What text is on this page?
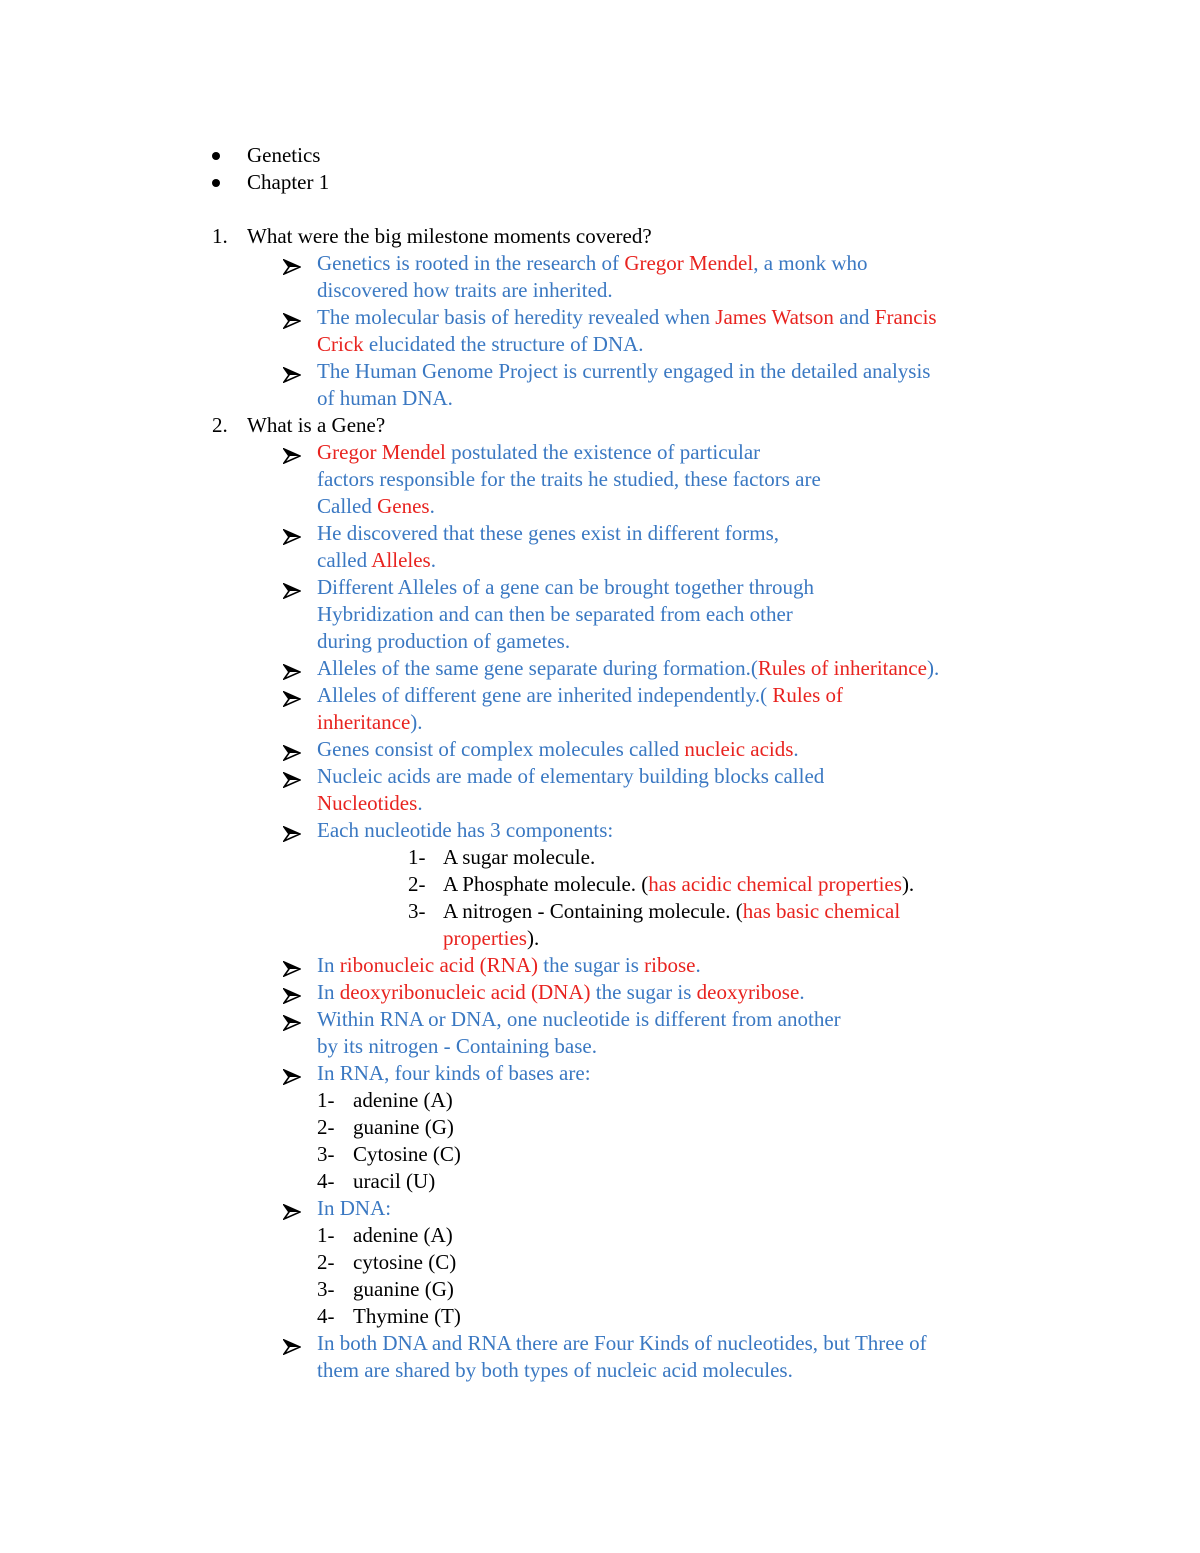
Genetics
Chapter 1
1. What were the big milestone moments covered?
2. What is a Gene?
Genetics is rooted in the research of Gregor Mendel, a monk who
discovered how traits are inherited.
The molecular basis of heredity revealed when James Watson and Francis
Crick elucidated the structure of DNA.
The Human Genome Project is currently engaged in the detailed analysis
of human DNA.
Gregor Mendel postulated the existence of particular
factors responsible for the traits he studied, these factors are
Called Genes.
He discovered that these genes exist in different forms,
called Alleles.
Different Alleles of a gene can be brought together through
Hybridization and can then be separated from each other
during production of gametes.
Alleles of the same gene separate during formation.(Rules of inheritance).
Alleles of different gene are inherited independently.( Rules of
inheritance).
Genes consist of complex molecules called nucleic acids.
Nucleic acids are made of elementary building blocks called
Nucleotides.
Each nucleotide has 3 components:
1- A sugar molecule.
2- A Phosphate molecule. (has acidic chemical properties).
3- A nitrogen - Containing molecule. (has basic chemical
properties).
In ribonucleic acid (RNA) the sugar is ribose.
In deoxyribonucleic acid (DNA) the sugar is deoxyribose.
Within RNA or DNA, one nucleotide is different from another
by its nitrogen - Containing base.
In RNA, four kinds of bases are:
1- adenine (A)
2- guanine (G)
3- Cytosine (C)
4- uracil (U)
In DNA:
1- adenine (A)
2- cytosine (C)
3- guanine (G)
4- Thymine (T)
In both DNA and RNA there are Four Kinds of nucleotides, but Three of
them are shared by both types of nucleic acid molecules.
